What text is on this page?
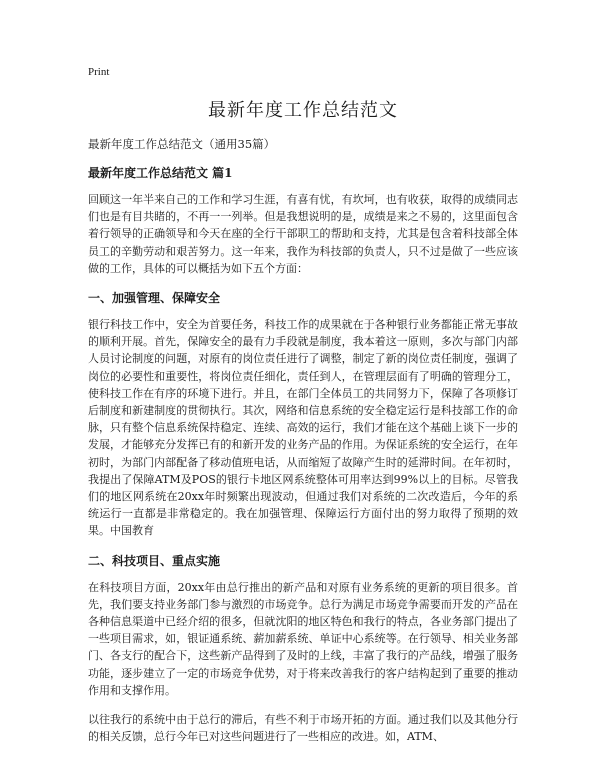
Print
最新年度工作总结范文
最新年度工作总结范文（通用35篇）
最新年度工作总结范文 篇1

回顾这一年半来自己的工作和学习生涯，有喜有忧，有坎坷，也有收获，取得的成绩同志们也是有目共睹的，不再一一列举。但是我想说明的是，成绩是来之不易的，这里面包含着行领导的正确领导和今天在座的全行干部职工的帮助和支持，尤其是包含着科技部全体员工的辛勤劳动和艰苦努力。这一年来，我作为科技部的负责人，只不过是做了一些应该做的工作，具体的可以概括为如下五个方面：

一、加强管理、保障安全

银行科技工作中，安全为首要任务，科技工作的成果就在于各种银行业务都能正常无事故的顺利开展。首先，保障安全的最有力手段就是制度，我本着这一原则，多次与部门内部人员讨论制度的问题，对原有的岗位责任进行了调整，制定了新的岗位责任制度，强调了岗位的必要性和重要性，将岗位责任细化，责任到人，在管理层面有了明确的管理分工，使科技工作在有序的环境下进行。并且，在部门全体员工的共同努力下，保障了各项修订后制度和新建制度的贯彻执行。其次，网络和信息系统的安全稳定运行是科技部工作的命脉，只有整个信息系统保持稳定、连续、高效的运行，我们才能在这个基础上谈下一步的发展，才能够充分发挥已有的和新开发的业务产品的作用。为保证系统的安全运行，在年初时，为部门内部配备了移动值班电话，从而缩短了故障产生时的延滞时间。在年初时，我提出了保障ATM及POS的银行卡地区网系统整体可用率达到99%以上的目标。尽管我们的地区网系统在20xx年时频繁出现波动，但通过我们对系统的二次改造后，今年的系统运行一直都是非常稳定的。我在加强管理、保障运行方面付出的努力取得了预期的效果。中国教育

二、科技项目、重点实施

在科技项目方面，20xx年由总行推出的新产品和对原有业务系统的更新的项目很多。首先，我们要支持业务部门参与激烈的市场竞争。总行为满足市场竞争需要而开发的产品在各种信息渠道中已经介绍的很多，但就沈阳的地区特色和我行的特点，各业务部门提出了一些项目需求，如，银证通系统、薪加薪系统、单证中心系统等。在行领导、相关业务部门、各支行的配合下，这些新产品得到了及时的上线，丰富了我行的产品线，增强了服务功能，逐步建立了一定的市场竞争优势，对于将来改善我行的客户结构起到了重要的推动作用和支撑作用。

以往我行的系统中由于总行的滞后，有些不利于市场开拓的方面。通过我们以及其他分行的相关反馈，总行今年已对这些问题进行了一些相应的改进。如，ATM、
